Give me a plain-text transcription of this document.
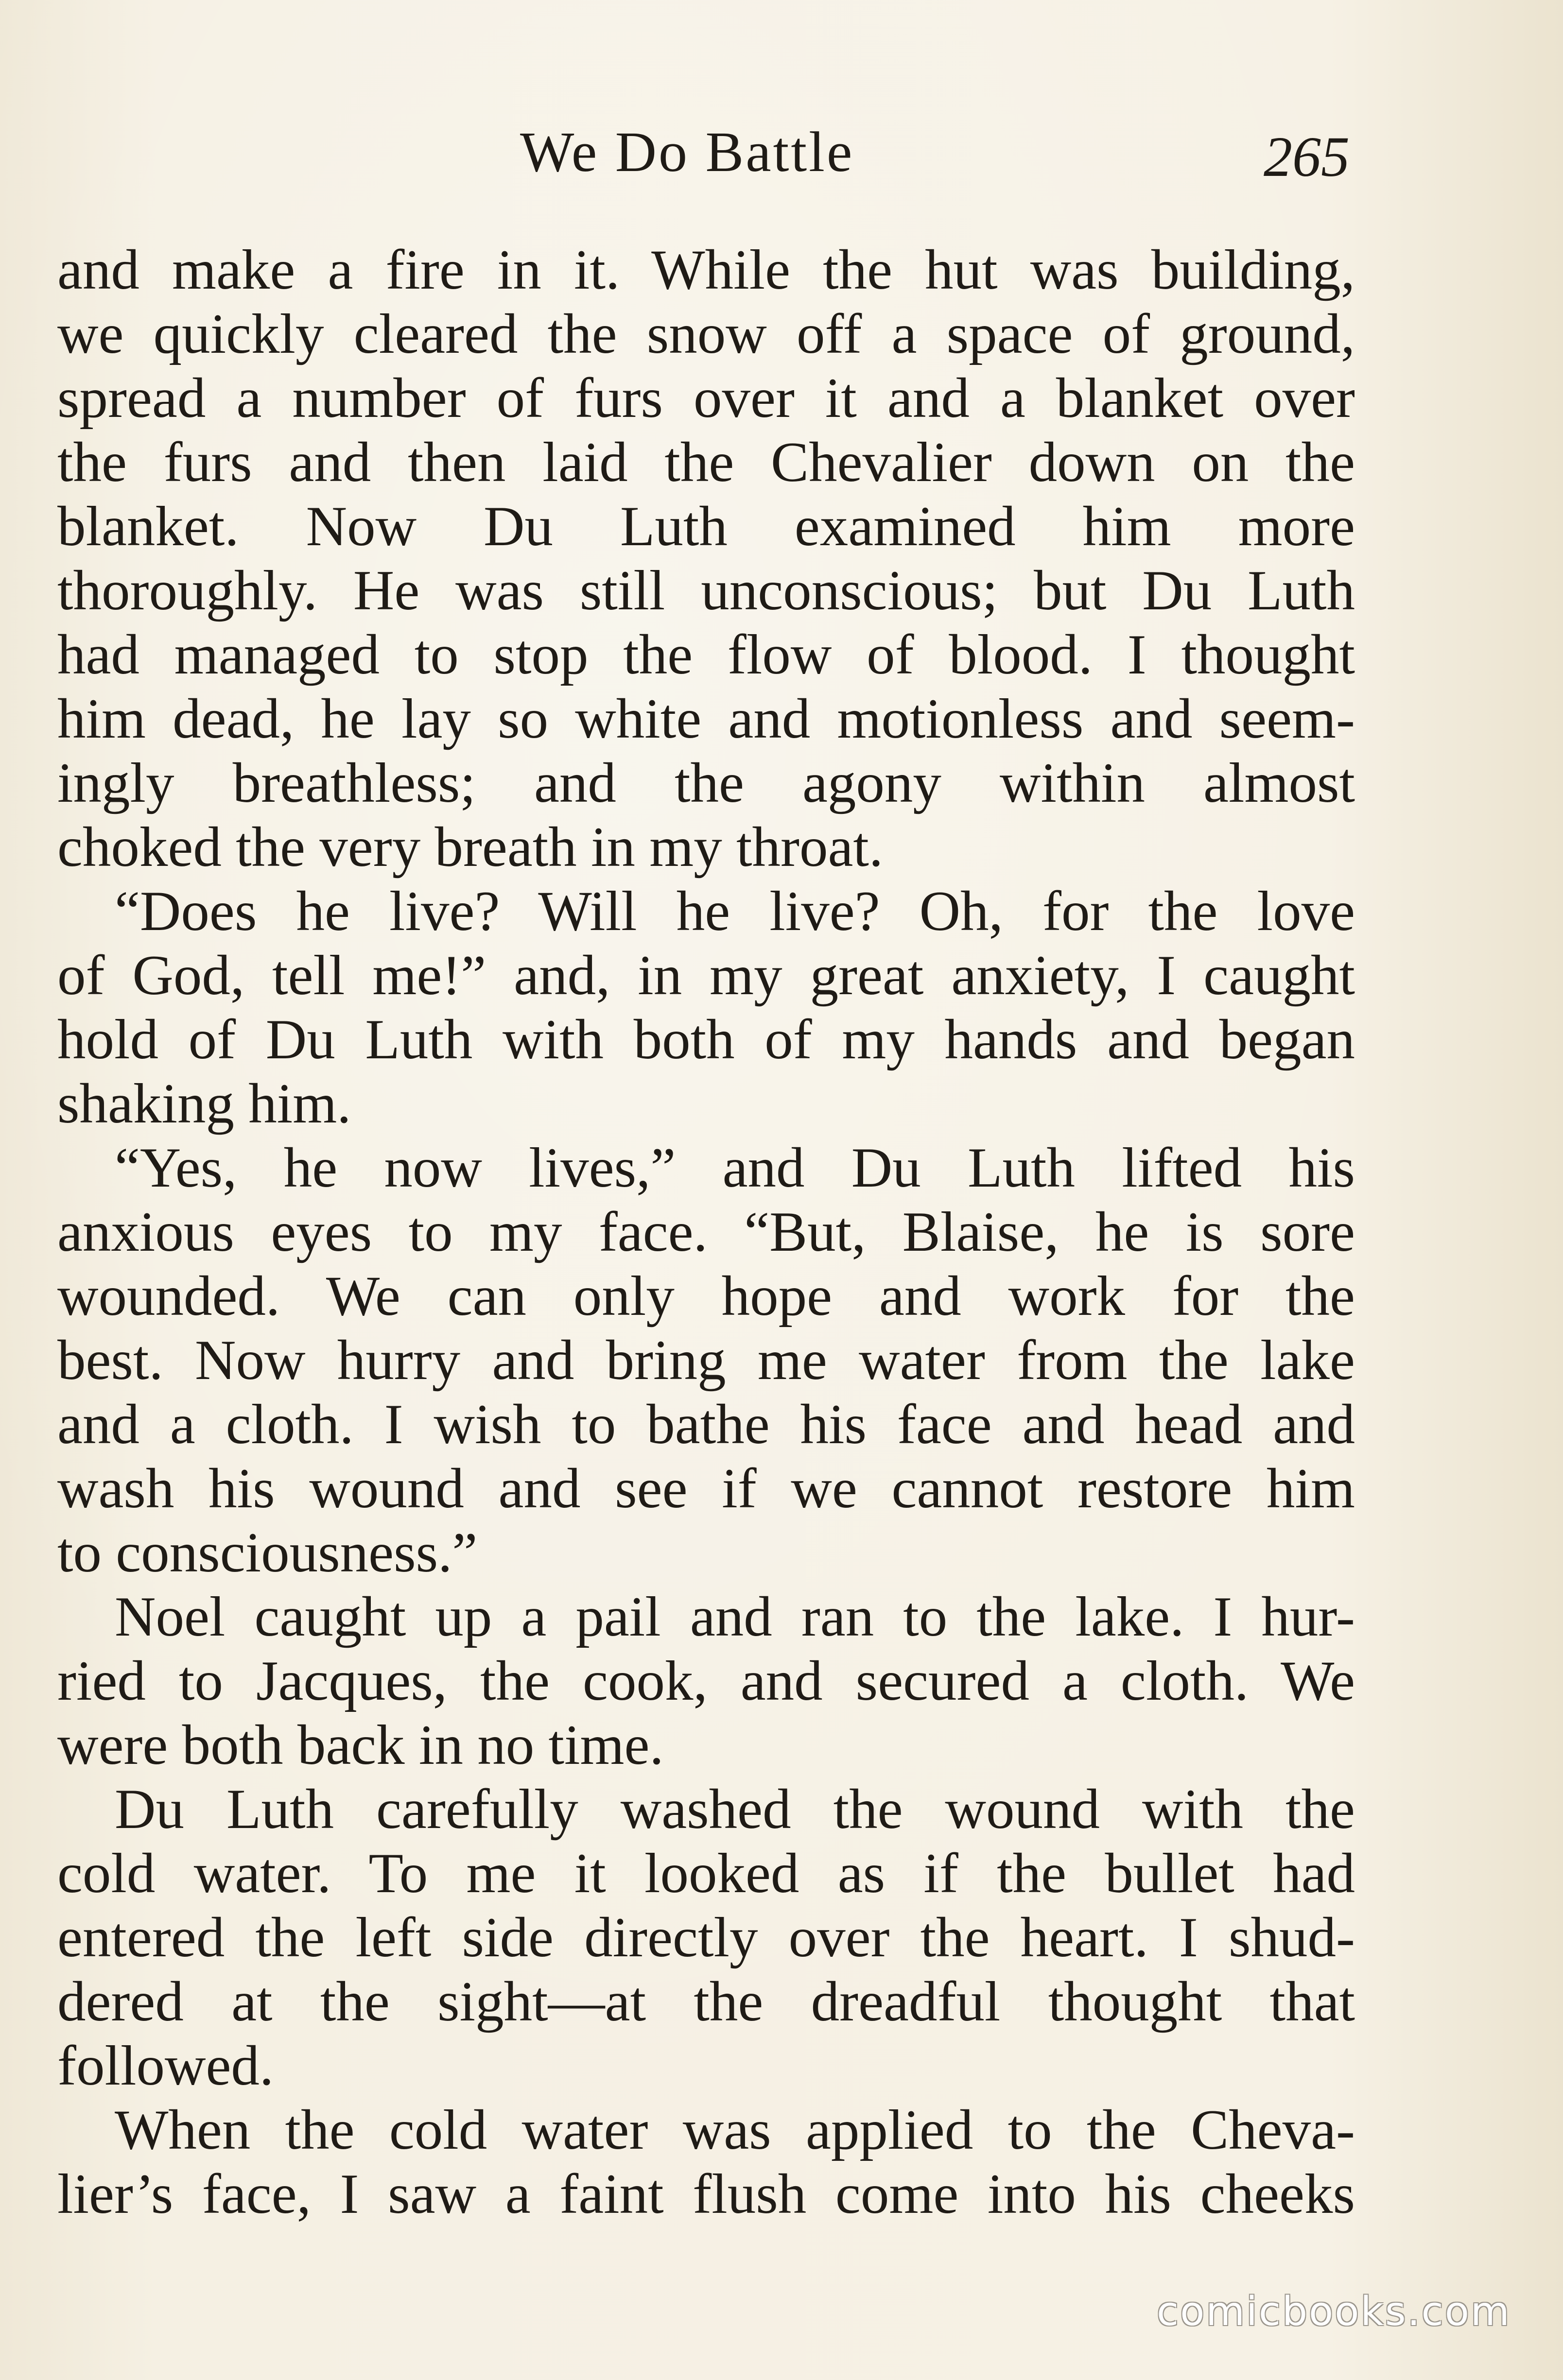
We Do Battle	265
and make a fire in it. While the hut was building,
we quickly cleared the snow off a space of ground,
spread a number of furs over it and a blanket over
the furs and then laid the Chevalier down on the
blanket. Now Du Luth examined him more
thoroughly. He was still unconscious; but Du Luth
had managed to stop the flow of blood. I thought
him dead, he lay so white and motionless and seem-
ingly breathless; and the agony within almost
choked the very breath in my throat.
“Does he live? Will he live? Oh, for the love
of God, tell me!” and, in my great anxiety, I caught
hold of Du Luth with both of my hands and began
shaking him.
“Yes, he now lives,” and Du Luth lifted his
anxious eyes to my face. “But, Blaise, he is sore
wounded. We can only hope and work for the
best. Now hurry and bring me water from the lake
and a cloth. I wish to bathe his face and head and
wash his wound and see if we cannot restore him
to consciousness.”
Noel caught up a pail and ran to the lake. I hur-
ried to Jacques, the cook, and secured a cloth. We
were both back in no time.
Du Luth carefully washed the wound with the
cold water. To me it looked as if the bullet had
entered the left side directly over the heart. I shud-
dered at the sight—at the dreadful thought that
followed.
When the cold water was applied to the Cheva-
lier’s face, I saw a faint flush come into his cheeks
comicbooks.com
